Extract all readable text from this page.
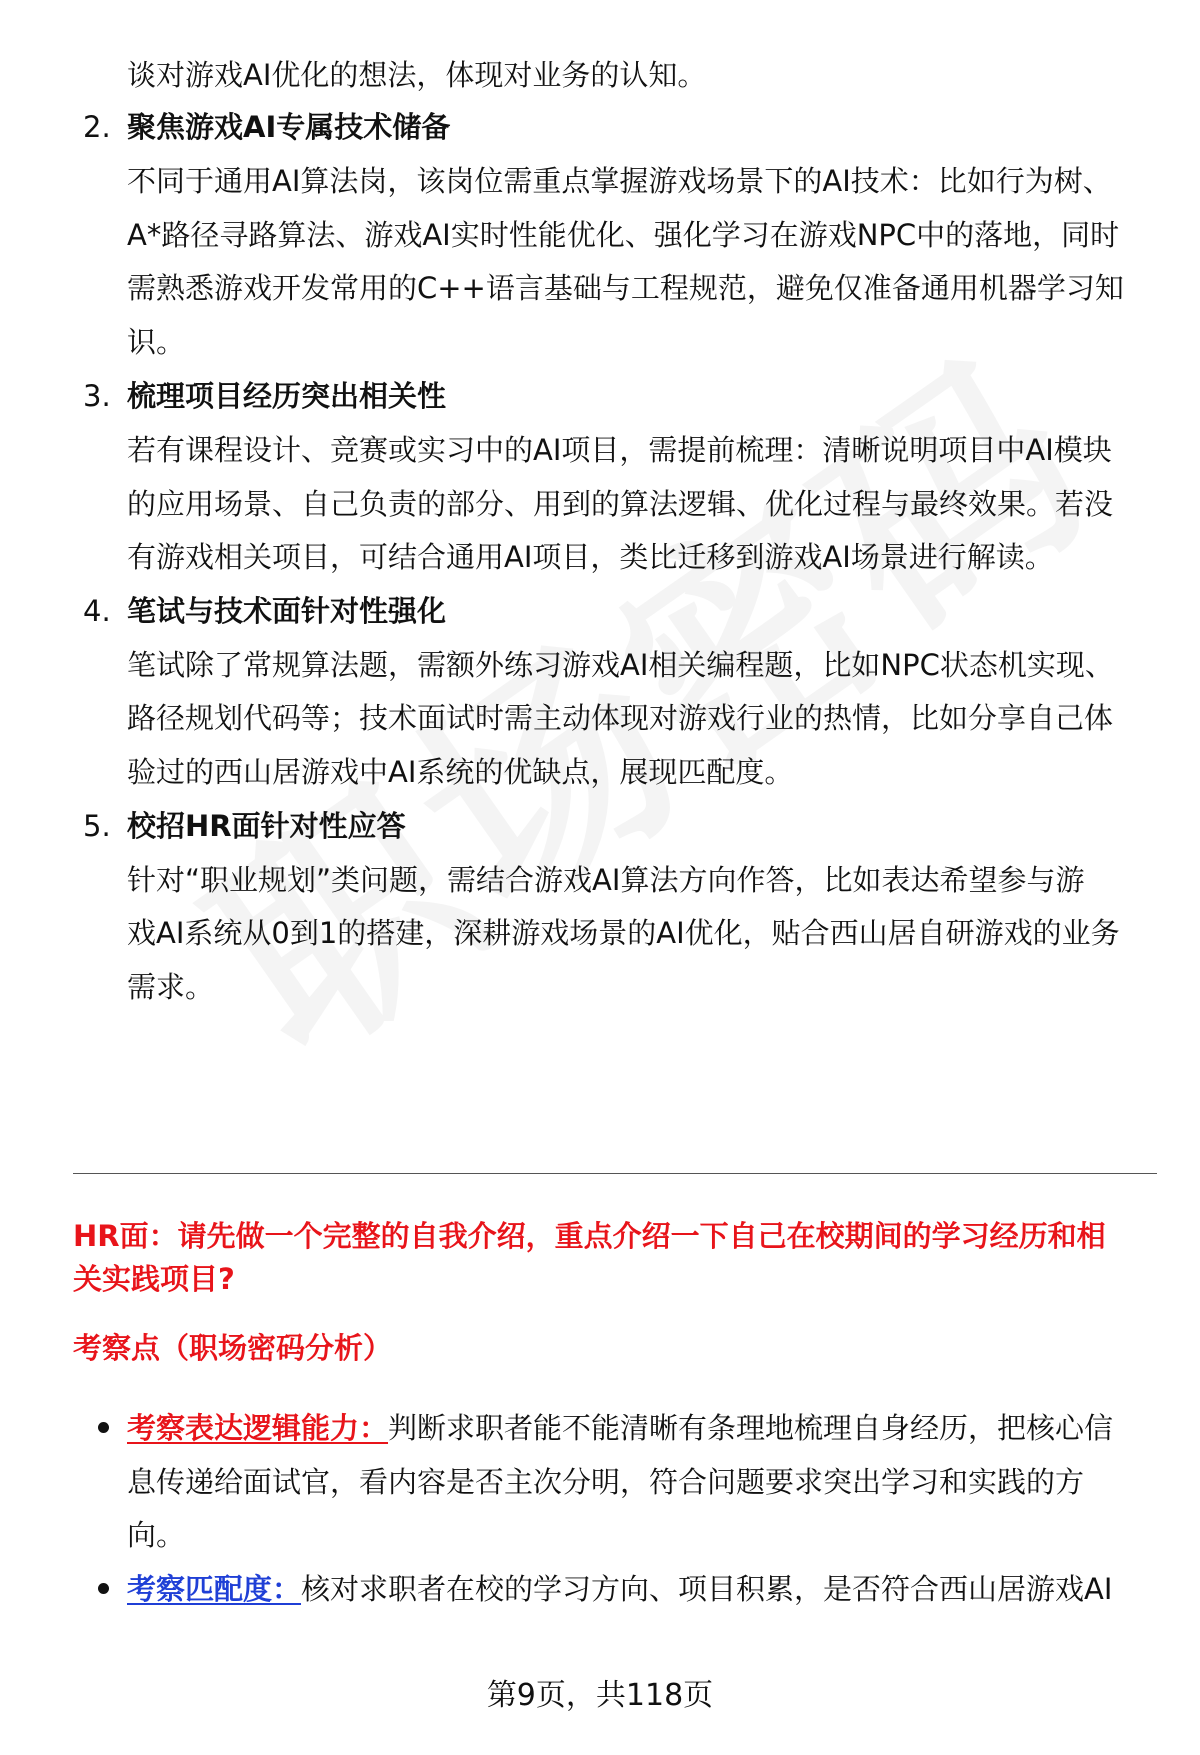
谈对游戏AI优化的想法，体现对业务的认知。
2. 聚焦游戏AI专属技术储备
不同于通用AI算法岗，该岗位需重点掌握游戏场景下的AI技术：比如行为树、
A*路径寻路算法、游戏AI实时性能优化、强化学习在游戏NPC中的落地，同时
需熟悉游戏开发常用的C++语言基础与工程规范，避免仅准备通用机器学习知
识。
3. 梳理项目经历突出相关性
若有课程设计、竞赛或实习中的AI项目，需提前梳理：清晰说明项目中AI模块
的应用场景、自己负责的部分、用到的算法逻辑、优化过程与最终效果。若没
有游戏相关项目，可结合通用AI项目，类比迁移到游戏AI场景进行解读。
4. 笔试与技术面针对性强化
笔试除了常规算法题，需额外练习游戏AI相关编程题，比如NPC状态机实现、
路径规划代码等；技术面试时需主动体现对游戏行业的热情，比如分享自己体
验过的西山居游戏中AI系统的优缺点，展现匹配度。
5. 校招HR面针对性应答
针对“职业规划”类问题，需结合游戏AI算法方向作答，比如表达希望参与游
戏AI系统从0到1的搭建，深耕游戏场景的AI优化，贴合西山居自研游戏的业务
需求。
HR面：请先做一个完整的自我介绍，重点介绍一下自己在校期间的学习经历和相
关实践项目?
考察点（职场密码分析）
考察表达逻辑能力：判断求职者能不能清晰有条理地梳理自身经历，把核心信
息传递给面试官，看内容是否主次分明，符合问题要求突出学习和实践的方
向。
考察匹配度：核对求职者在校的学习方向、项目积累，是否符合西山居游戏AI
第9页，共118页
